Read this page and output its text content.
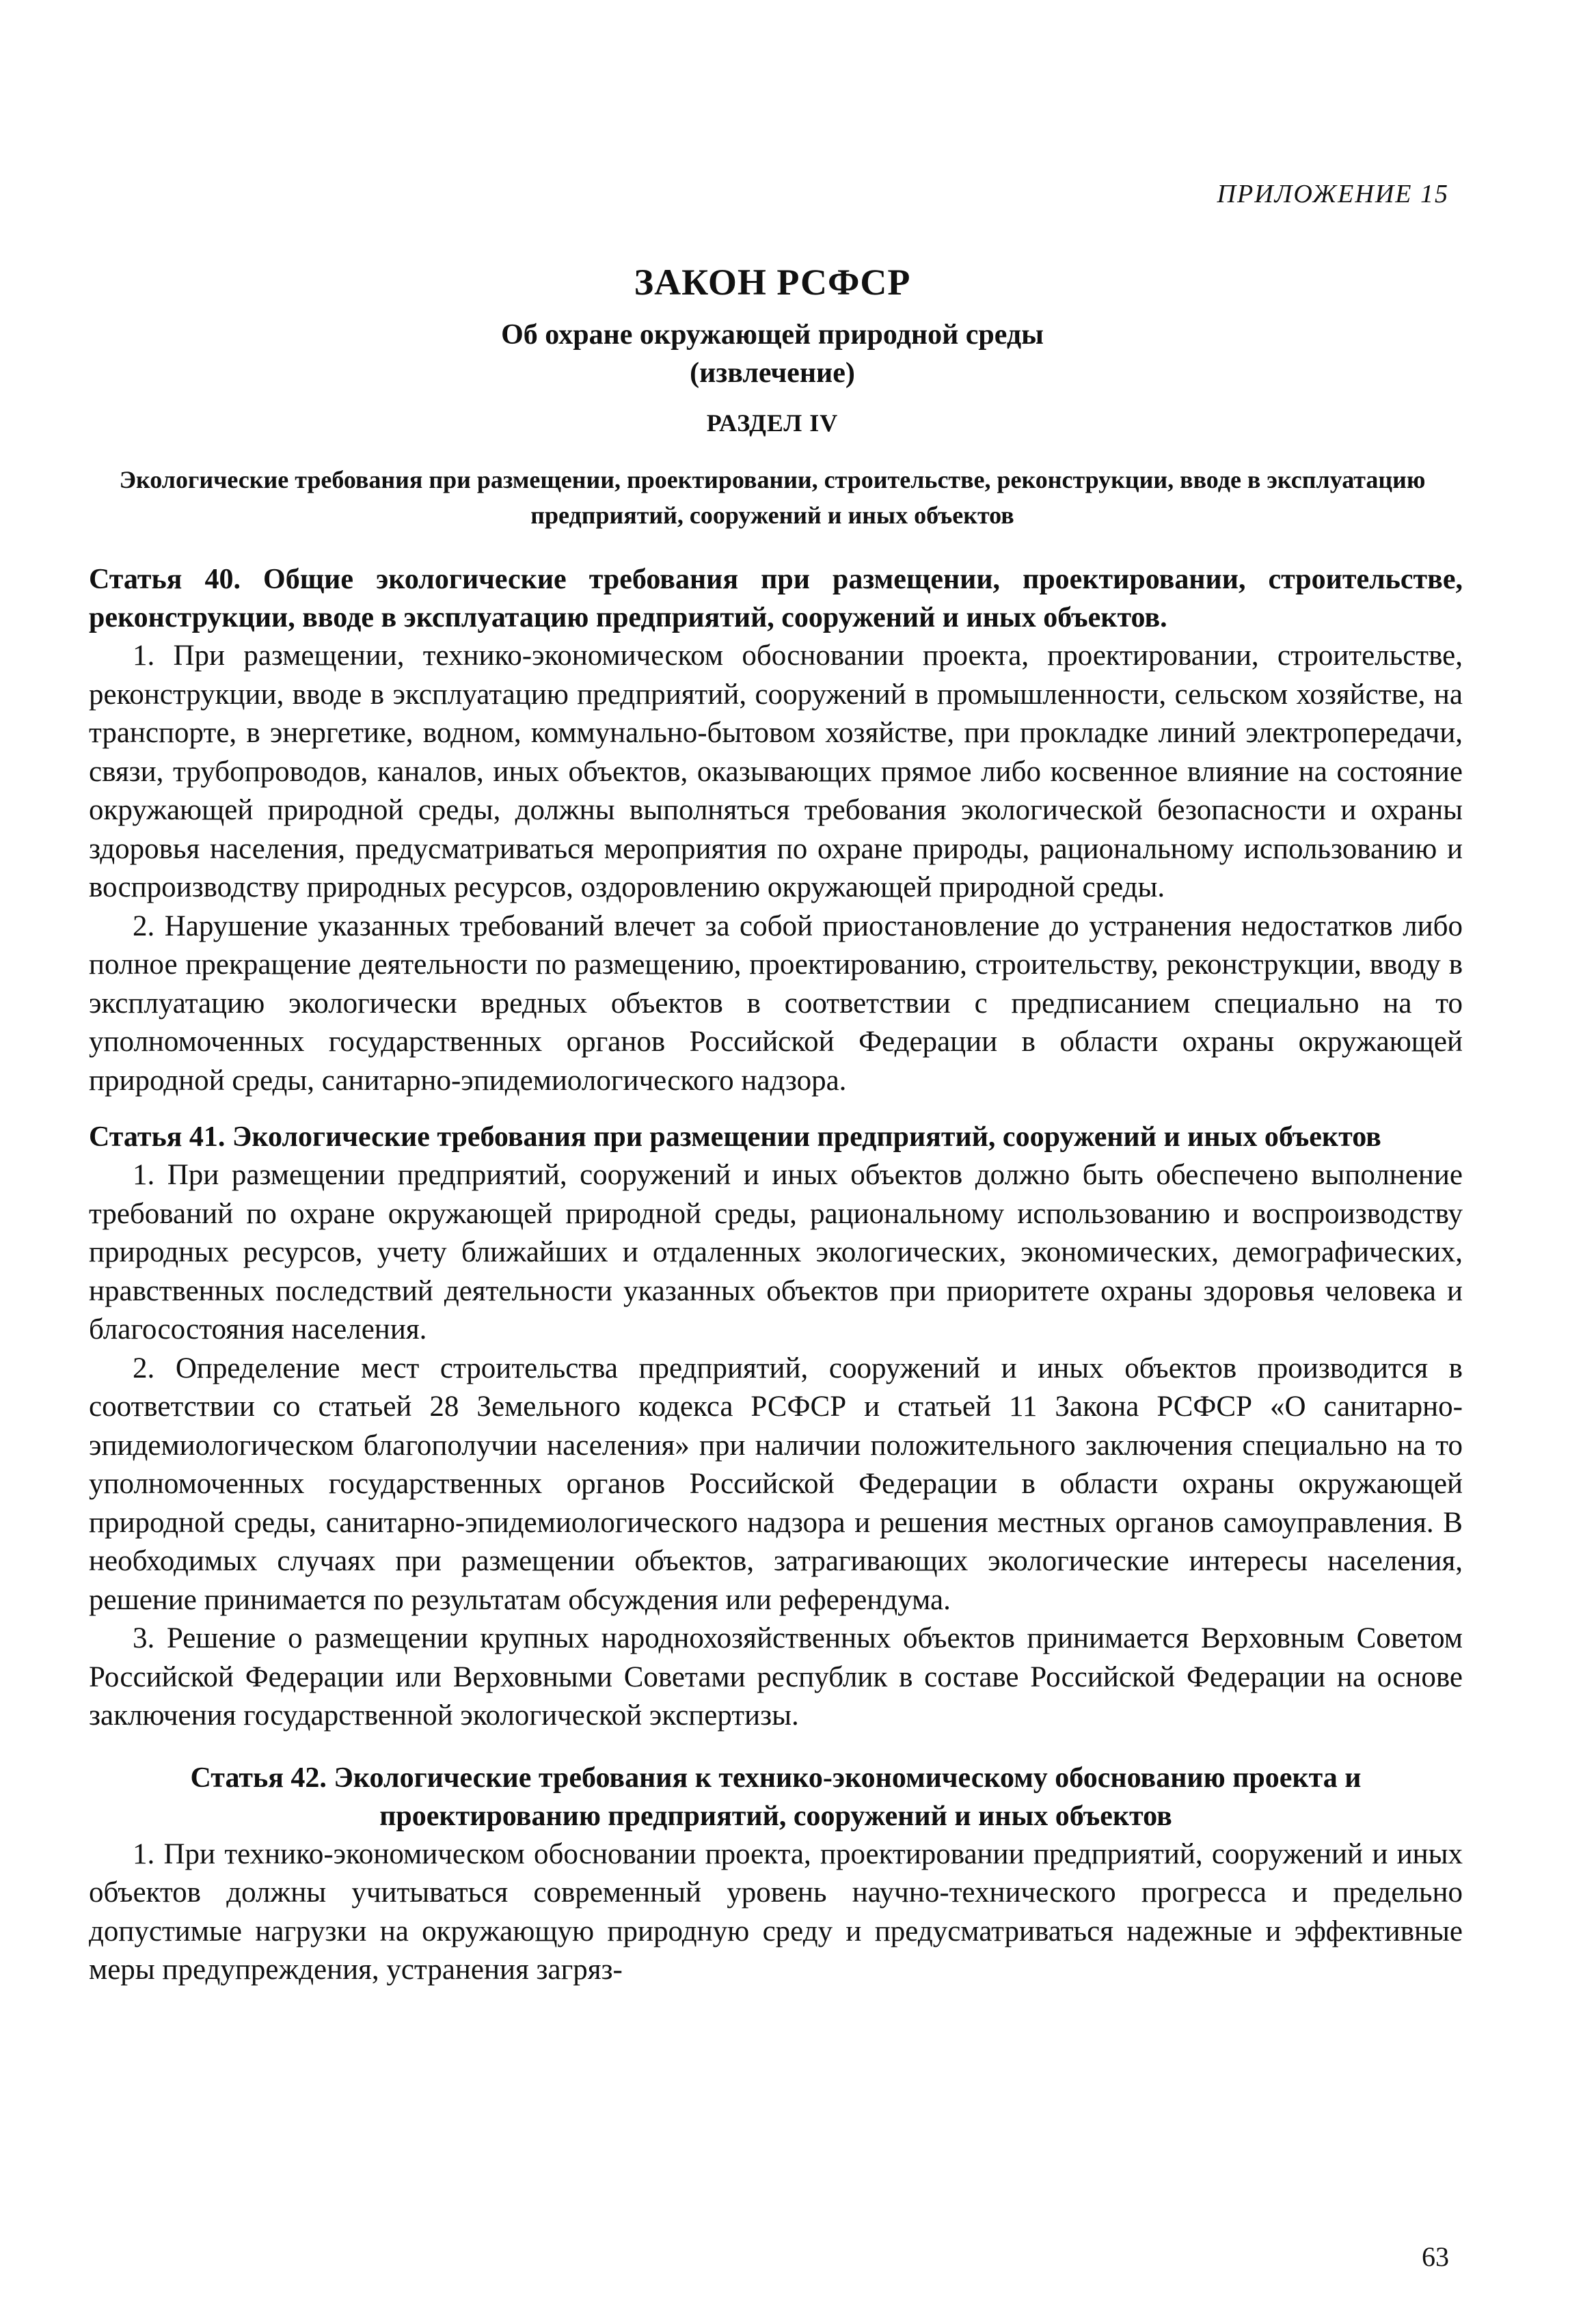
ПРИЛОЖЕНИЕ 15
ЗАКОН РСФСР
Об охране окружающей природной среды
(извлечение)
РАЗДЕЛ IV
Экологические требования при размещении, проектировании, строительстве, реконструкции, вводе в эксплуатацию предприятий, сооружений и иных объектов

Статья 40. Общие экологические требования при размещении, проектировании, строительстве, реконструкции, вводе в эксплуатацию предприятий, сооружений и иных объектов.

1. При размещении, технико-экономическом обосновании проекта, проектировании, строительстве, реконструкции, вводе в эксплуатацию предприятий, сооружений в промышленности, сельском хозяйстве, на транспорте, в энергетике, водном, коммунально-бытовом хозяйстве, при прокладке линий электропередачи, связи, трубопроводов, каналов, иных объектов, оказывающих прямое либо косвенное влияние на состояние окружающей природной среды, должны выполняться требования экологической безопасности и охраны здоровья населения, предусматриваться мероприятия по охране природы, рациональному использованию и воспроизводству природных ресурсов, оздоровлению окружающей природной среды.

2. Нарушение указанных требований влечет за собой приостановление до устранения недостатков либо полное прекращение деятельности по размещению, проектированию, строительству, реконструкции, вводу в эксплуатацию экологически вредных объектов в соответствии с предписанием специально на то уполномоченных государственных органов Российской Федерации в области охраны окружающей природной среды, санитарно-эпидемиологического надзора.

Статья 41. Экологические требования при размещении предприятий, сооружений и иных объектов

1. При размещении предприятий, сооружений и иных объектов должно быть обеспечено выполнение требований по охране окружающей природной среды, рациональному использованию и воспроизводству природных ресурсов, учету ближайших и отдаленных экологических, экономических, демографических, нравственных последствий деятельности указанных объектов при приоритете охраны здоровья человека и благосостояния населения.

2. Определение мест строительства предприятий, сооружений и иных объектов производится в соответствии со статьей 28 Земельного кодекса РСФСР и статьей 11 Закона РСФСР «О санитарно-эпидемиологическом благополучии населения» при наличии положительного заключения специально на то уполномоченных государственных органов Российской Федерации в области охраны окружающей природной среды, санитарно-эпидемиологического надзора и решения местных органов самоуправления. В необходимых случаях при размещении объектов, затрагивающих экологические интересы населения, решение принимается по результатам обсуждения или референдума.

3. Решение о размещении крупных народнохозяйственных объектов принимается Верховным Советом Российской Федерации или Верховными Советами республик в составе Российской Федерации на основе заключения государственной экологической экспертизы.

Статья 42. Экологические требования к технико-экономическому обоснованию проекта и проектированию предприятий, сооружений и иных объектов

1. При технико-экономическом обосновании проекта, проектировании предприятий, сооружений и иных объектов должны учитываться современный уровень научно-технического прогресса и предельно допустимые нагрузки на окружающую природную среду и предусматриваться надежные и эффективные меры предупреждения, устранения загряз-

63
